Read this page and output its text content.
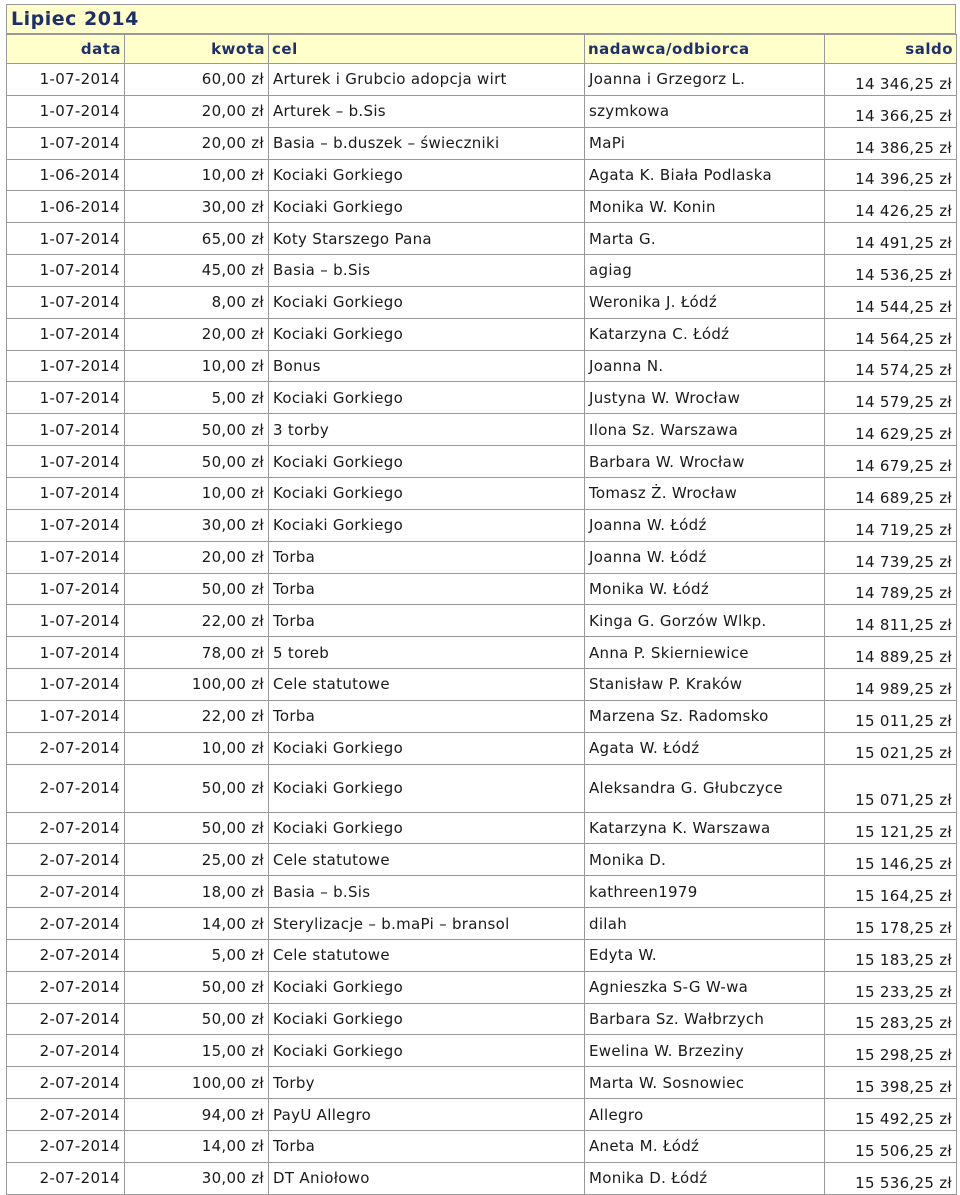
Lipiec 2014
data	kwota	cel	nadawca/odbiorca	saldo
1-07-2014	60,00 zł	Arturek i Grubcio adopcja wirt	Joanna i Grzegorz L.	14 346,25 zł
1-07-2014	20,00 zł	Arturek – b.Sis	szymkowa	14 366,25 zł
1-07-2014	20,00 zł	Basia – b.duszek – świeczniki	MaPi	14 386,25 zł
1-06-2014	10,00 zł	Kociaki Gorkiego	Agata K. Biała Podlaska	14 396,25 zł
1-06-2014	30,00 zł	Kociaki Gorkiego	Monika W. Konin	14 426,25 zł
1-07-2014	65,00 zł	Koty Starszego Pana	Marta G.	14 491,25 zł
1-07-2014	45,00 zł	Basia – b.Sis	agiag	14 536,25 zł
1-07-2014	8,00 zł	Kociaki Gorkiego	Weronika J. Łódź	14 544,25 zł
1-07-2014	20,00 zł	Kociaki Gorkiego	Katarzyna C. Łódź	14 564,25 zł
1-07-2014	10,00 zł	Bonus	Joanna N.	14 574,25 zł
1-07-2014	5,00 zł	Kociaki Gorkiego	Justyna W. Wrocław	14 579,25 zł
1-07-2014	50,00 zł	3 torby	Ilona Sz. Warszawa	14 629,25 zł
1-07-2014	50,00 zł	Kociaki Gorkiego	Barbara W. Wrocław	14 679,25 zł
1-07-2014	10,00 zł	Kociaki Gorkiego	Tomasz Ż. Wrocław	14 689,25 zł
1-07-2014	30,00 zł	Kociaki Gorkiego	Joanna W. Łódź	14 719,25 zł
1-07-2014	20,00 zł	Torba	Joanna W. Łódź	14 739,25 zł
1-07-2014	50,00 zł	Torba	Monika W. Łódź	14 789,25 zł
1-07-2014	22,00 zł	Torba	Kinga G. Gorzów Wlkp.	14 811,25 zł
1-07-2014	78,00 zł	5 toreb	Anna P. Skierniewice	14 889,25 zł
1-07-2014	100,00 zł	Cele statutowe	Stanisław P. Kraków	14 989,25 zł
1-07-2014	22,00 zł	Torba	Marzena Sz. Radomsko	15 011,25 zł
2-07-2014	10,00 zł	Kociaki Gorkiego	Agata W. Łódź	15 021,25 zł
2-07-2014	50,00 zł	Kociaki Gorkiego	Aleksandra G. Głubczyce	15 071,25 zł
2-07-2014	50,00 zł	Kociaki Gorkiego	Katarzyna K. Warszawa	15 121,25 zł
2-07-2014	25,00 zł	Cele statutowe	Monika D.	15 146,25 zł
2-07-2014	18,00 zł	Basia – b.Sis	kathreen1979	15 164,25 zł
2-07-2014	14,00 zł	Sterylizacje – b.maPi – bransol	dilah	15 178,25 zł
2-07-2014	5,00 zł	Cele statutowe	Edyta W.	15 183,25 zł
2-07-2014	50,00 zł	Kociaki Gorkiego	Agnieszka S-G W-wa	15 233,25 zł
2-07-2014	50,00 zł	Kociaki Gorkiego	Barbara Sz. Wałbrzych	15 283,25 zł
2-07-2014	15,00 zł	Kociaki Gorkiego	Ewelina W. Brzeziny	15 298,25 zł
2-07-2014	100,00 zł	Torby	Marta W. Sosnowiec	15 398,25 zł
2-07-2014	94,00 zł	PayU Allegro	Allegro	15 492,25 zł
2-07-2014	14,00 zł	Torba	Aneta M. Łódź	15 506,25 zł
2-07-2014	30,00 zł	DT Aniołowo	Monika D. Łódź	15 536,25 zł
